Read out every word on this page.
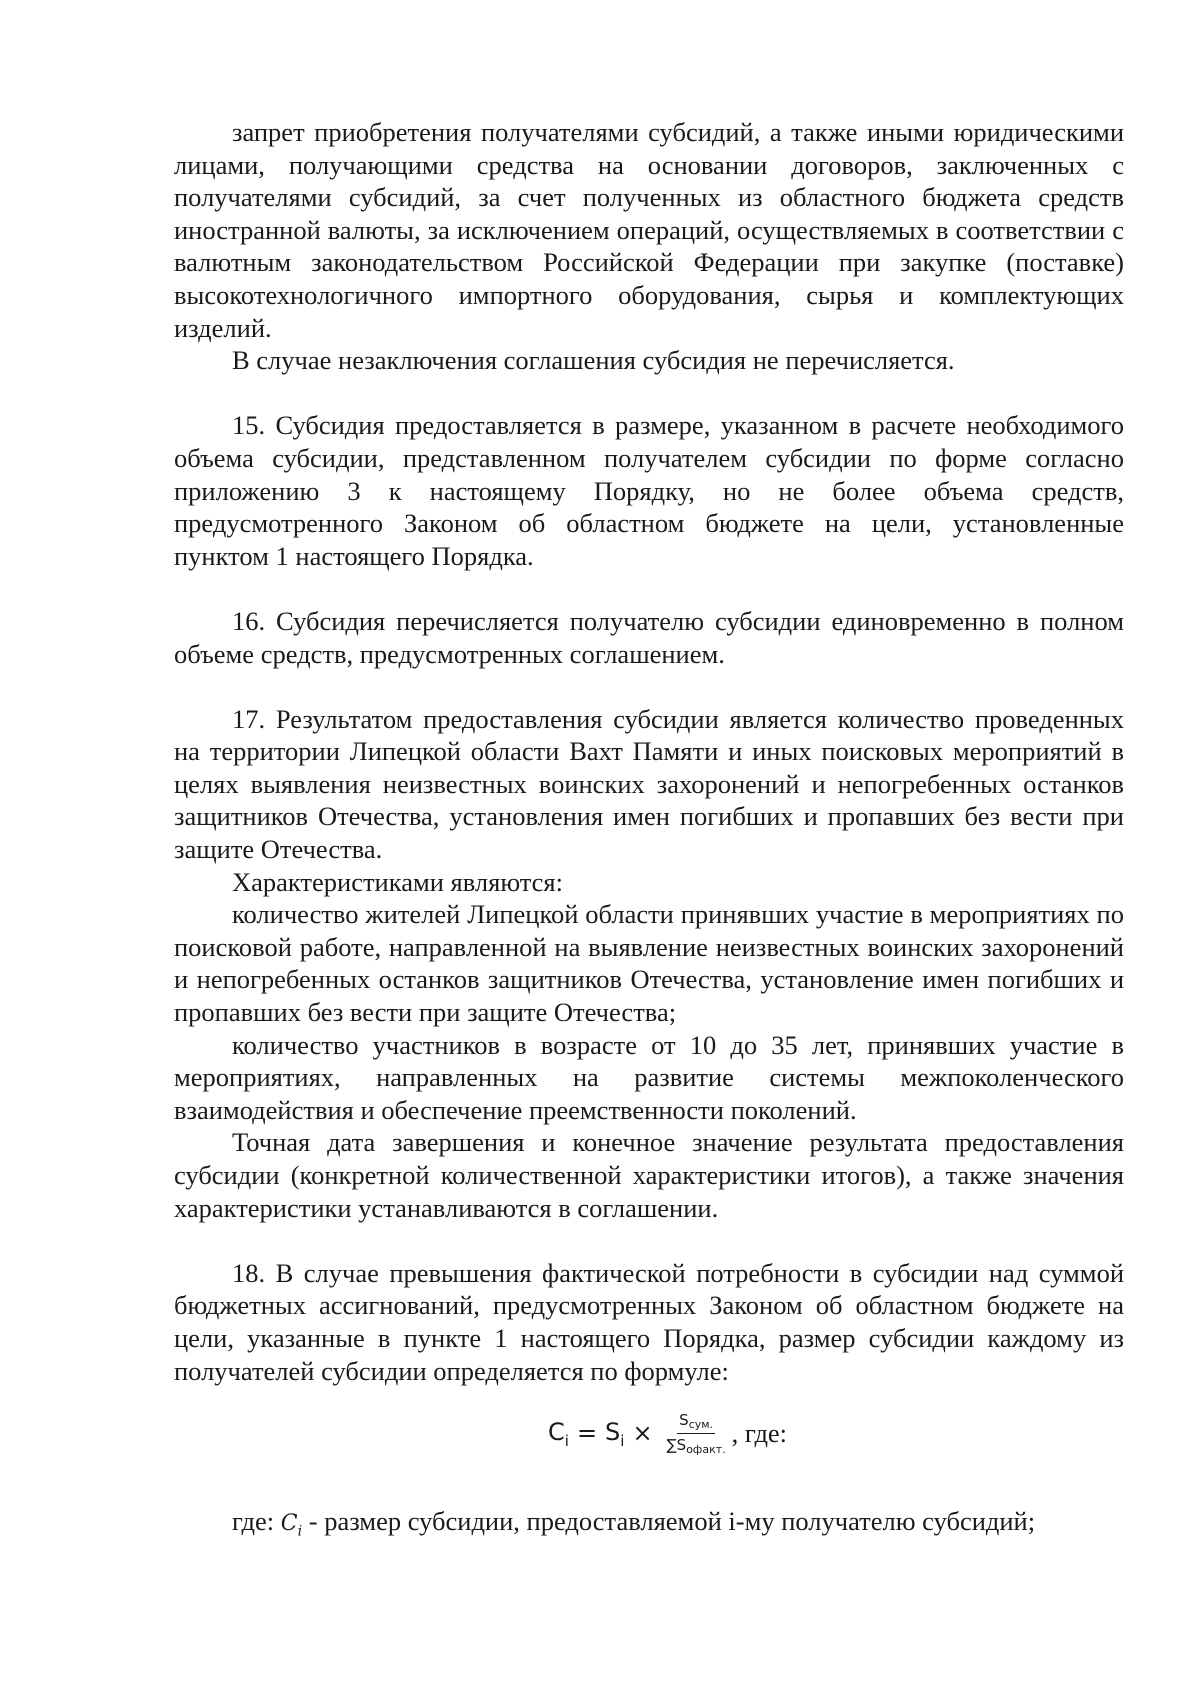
запрет приобретения получателями субсидий, а также иными юридическими лицами, получающими средства на основании договоров, заключенных с получателями субсидий, за счет полученных из областного бюджета средств иностранной валюты, за исключением операций, осуществляемых в соответствии с валютным законодательством Российской Федерации при закупке (поставке) высокотехнологичного импортного оборудования, сырья и комплектующих изделий.

В случае незаключения соглашения субсидия не перечисляется.

15. Субсидия предоставляется в размере, указанном в расчете необходимого объема субсидии, представленном получателем субсидии по форме согласно приложению 3 к настоящему Порядку, но не более объема средств, предусмотренного Законом об областном бюджете на цели, установленные пунктом 1 настоящего Порядка.

16. Субсидия перечисляется получателю субсидии единовременно в полном объеме средств, предусмотренных соглашением.

17. Результатом предоставления субсидии является количество проведенных на территории Липецкой области Вахт Памяти и иных поисковых мероприятий в целях выявления неизвестных воинских захоронений и непогребенных останков защитников Отечества, установления имен погибших и пропавших без вести при защите Отечества.

Характеристиками являются:

количество жителей Липецкой области принявших участие в мероприятиях по поисковой работе, направленной на выявление неизвестных воинских захоронений и непогребенных останков защитников Отечества, установление имен погибших и пропавших без вести при защите Отечества;

количество участников в возрасте от 10 до 35 лет, принявших участие в мероприятиях, направленных на развитие системы межпоколенческого взаимодействия и обеспечение преемственности поколений.

Точная дата завершения и конечное значение результата предоставления субсидии (конкретной количественной характеристики итогов), а также значения характеристики устанавливаются в соглашении.

18. В случае превышения фактической потребности в субсидии над суммой бюджетных ассигнований, предусмотренных Законом об областном бюджете на цели, указанные в пункте 1 настоящего Порядка, размер субсидии каждому из получателей субсидии определяется по формуле:

$C_i = S_i \times \frac{S_{сум.}}{\sum S_{офакт.}}$ , где:

где: $C_i$ - размер субсидии, предоставляемой i-му получателю субсидий;
